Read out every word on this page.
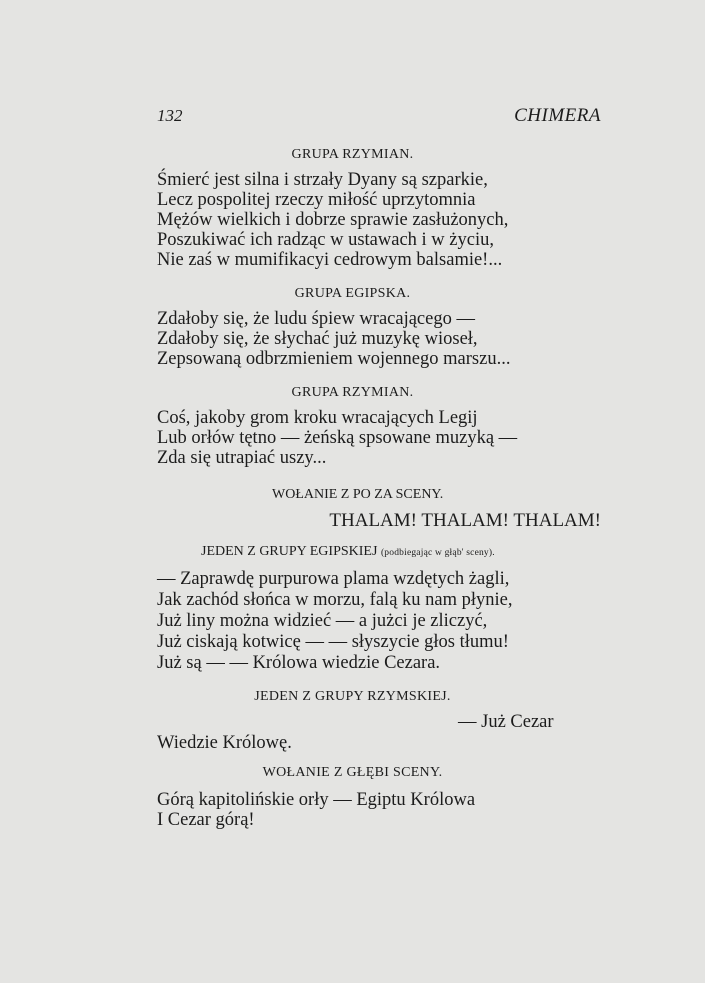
132	CHIMERA
GRUPA RZYMIAN.
Śmierć jest silna i strzały Dyany są szparkie,
Lecz pospolitej rzeczy miłość uprzytomnia
Mężów wielkich i dobrze sprawie zasłużonych,
Poszukiwać ich radząc w ustawach i w życiu,
Nie zaś w mumifikacyi cedrowym balsamie!...
GRUPA EGIPSKA.
Zdałoby się, że ludu śpiew wracającego —
Zdałoby się, że słychać już muzykę wioseł,
Zepsowaną odbrzmieniem wojennego marszu...
GRUPA RZYMIAN.
Coś, jakoby grom kroku wracających Legij
Lub orłów tętno — żeńską spsowane muzyką —
Zda się utrapiać uszy...
WOŁANIE Z PO ZA SCENY.
THALAM! THALAM! THALAM!
JEDEN Z GRUPY EGIPSKIEJ (podbiegając w głąb' sceny).
— Zaprawdę purpurowa plama wzdętych żagli,
Jak zachód słońca w morzu, falą ku nam płynie,
Już liny można widzieć — a jużci je zliczyć,
Już ciskają kotwicę — — słyszycie głos tłumu!
Już są — — Królowa wiedzie Cezara.
JEDEN Z GRUPY RZYMSKIEJ.
— Już Cezar
Wiedzie Królowę.
WOŁANIE Z GŁĘBI SCENY.
Górą kapitolińskie orły — Egiptu Królowa
I Cezar górą!
